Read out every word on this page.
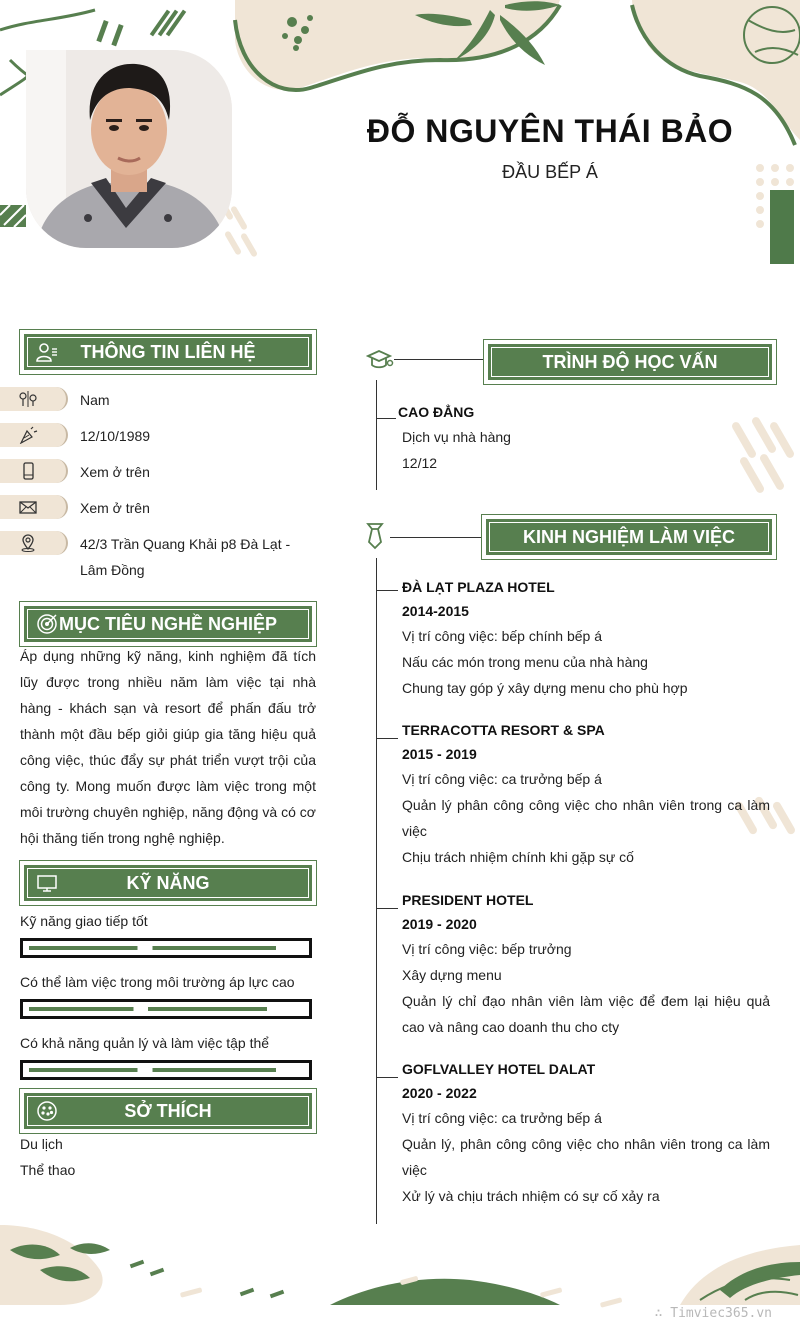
ĐỖ NGUYÊN THÁI BẢO
ĐẦU BẾP Á
THÔNG TIN LIÊN HỆ
Nam
12/10/1989
Xem ở trên
Xem ở trên
42/3 Trần Quang Khải p8 Đà Lạt - Lâm Đồng
MỤC TIÊU NGHỀ NGHIỆP
Áp dụng những kỹ năng, kinh nghiệm đã tích lũy được trong nhiều năm làm việc tại nhà hàng - khách sạn và resort để phấn đấu trở thành một đầu bếp giỏi giúp gia tăng hiệu quả công việc, thúc đẩy sự phát triển vượt trội của công ty. Mong muốn được làm việc trong một môi trường chuyên nghiệp, năng động và có cơ hội thăng tiến trong nghệ nghiệp.
KỸ NĂNG
Kỹ năng giao tiếp tốt
Có thể làm việc trong môi trường áp lực cao
Có khả năng quản lý và làm việc tập thể
SỞ THÍCH
Du lịch
Thể thao
TRÌNH ĐỘ HỌC VẤN
CAO ĐẲNG
Dịch vụ nhà hàng
12/12
KINH NGHIỆM LÀM VIỆC
ĐÀ LẠT PLAZA HOTEL
2014-2015
Vị trí công việc: bếp chính bếp á
Nấu các món trong menu của nhà hàng
Chung tay góp ý xây dựng menu cho phù hợp
TERRACOTTA RESORT & SPA
2015 - 2019
Vị trí công việc: ca trưởng bếp á
Quản lý phân công công việc cho nhân viên trong ca làm việc
Chịu trách nhiệm chính khi gặp sự cố
PRESIDENT HOTEL
2019 - 2020
Vị trí công việc: bếp trưởng
Xây dựng menu
Quản lý chỉ đạo nhân viên làm việc để đem lại hiệu quả cao và nâng cao doanh thu cho cty
GOFLVALLEY HOTEL DALAT
2020 - 2022
Vị trí công việc: ca trưởng bếp á
Quản lý, phân công công việc cho nhân viên trong ca làm việc
Xử lý và chịu trách nhiệm có sự cố xảy ra
∴ Timviec365.vn
